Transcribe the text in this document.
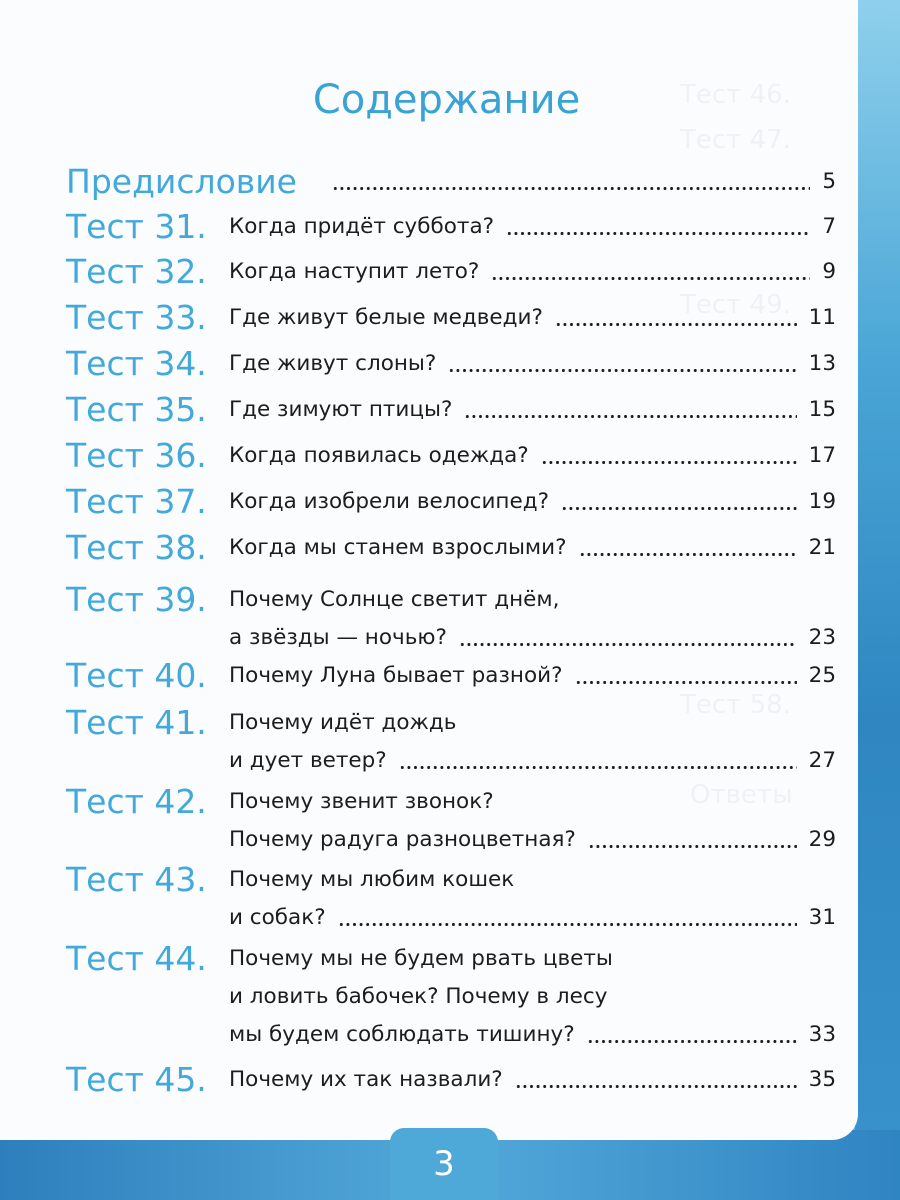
Тест 46.
Тест 47.
Тест 49.
Тест 58.
Ответы
Содержание
Предисловие	5
Тест 31. Когда придёт суббота?	7
Тест 32. Когда наступит лето?	9
Тест 33. Где живут белые медведи?	11
Тест 34. Где живут слоны?	13
Тест 35. Где зимуют птицы?	15
Тест 36. Когда появилась одежда?	17
Тест 37. Когда изобрели велосипед?	19
Тест 38. Когда мы станем взрослыми?	21
Тест 39. Почему Солнце светит днём,
а звёзды — ночью?	23
Тест 40. Почему Луна бывает разной?	25
Тест 41. Почему идёт дождь
и дует ветер?	27
Тест 42. Почему звенит звонок?
Почему радуга разноцветная?	29
Тест 43. Почему мы любим кошек
и собак?	31
Тест 44. Почему мы не будем рвать цветы
и ловить бабочек? Почему в лесу
мы будем соблюдать тишину?	33
Тест 45. Почему их так назвали?	35
3
